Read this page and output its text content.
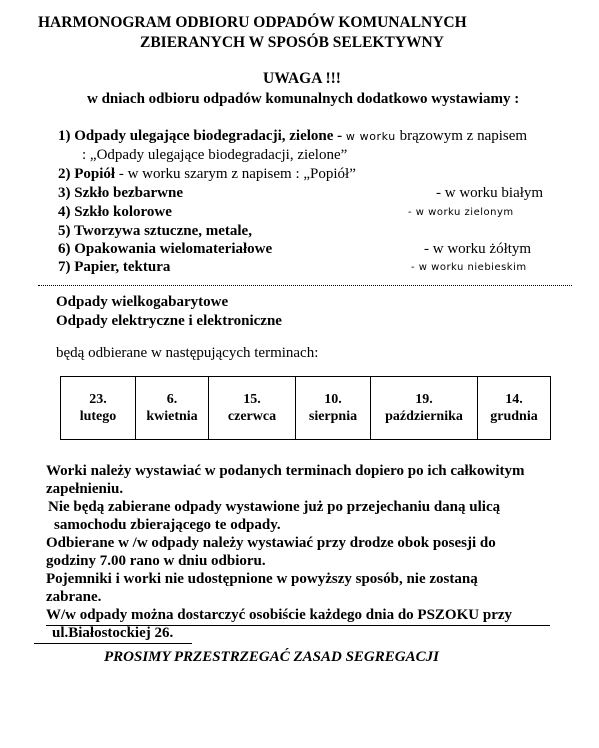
HARMONOGRAM ODBIORU ODPADÓW KOMUNALNYCH
ZBIERANYCH W SPOSÓB SELEKTYWNY
UWAGA !!!
w dniach odbioru odpadów komunalnych dodatkowo wystawiamy :
1) Odpady ulegające biodegradacji, zielone - w worku brązowym z napisem
: „Odpady ulegające biodegradacji, zielone”
2) Popiół - w worku szarym z napisem : „Popiół”
3) Szkło bezbarwne	- w worku białym
4) Szkło kolorowe	- w worku zielonym
5) Tworzywa sztuczne, metale,
6) Opakowania wielomateriałowe	- w worku żółtym
7) Papier, tektura	- w worku niebieskim
Odpady wielkogabarytowe
Odpady elektryczne i elektroniczne
będą odbierane w następujących terminach:
23.
lutego

6.
kwietnia

15.
czerwca

10.
sierpnia

19.
października

14.
grudnia
Worki należy wystawiać w podanych terminach dopiero po ich całkowitym
zapełnieniu.
Nie będą zabierane odpady wystawione już po przejechaniu daną ulicą
samochodu zbierającego te odpady.
Odbierane w /w odpady należy wystawiać przy drodze obok posesji do
godziny 7.00 rano w dniu odbioru.
Pojemniki i worki nie udostępnione w powyższy sposób, nie zostaną
zabrane.
W/w odpady można dostarczyć osobiście każdego dnia do PSZOKU przy
ul.Białostockiej 26.
PROSIMY PRZESTRZEGAĆ ZASAD SEGREGACJI
